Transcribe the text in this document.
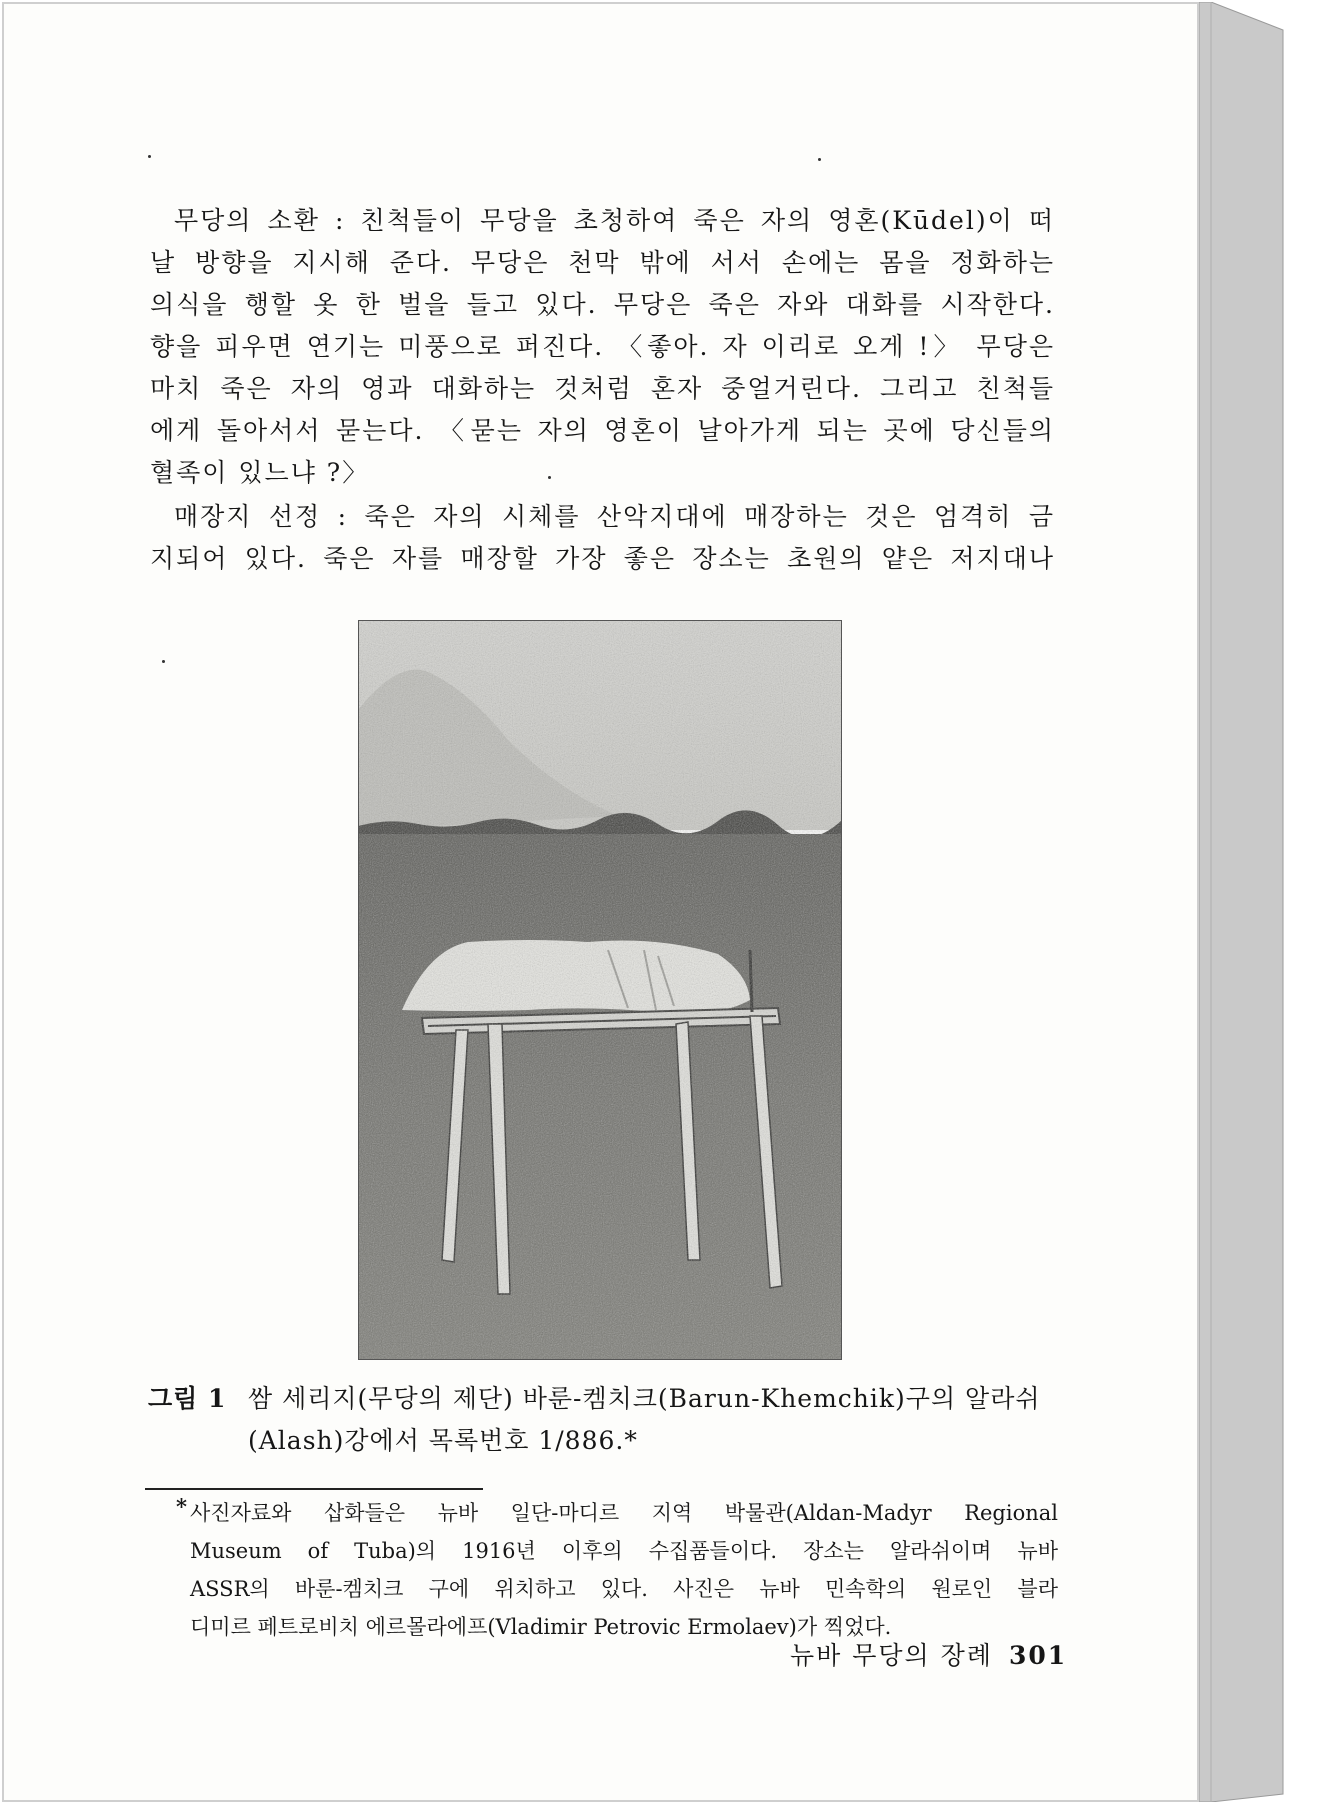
무당의 소환 : 친척들이 무당을 초청하여 죽은 자의 영혼(Kūdel)이 떠
날 방향을 지시해 준다. 무당은 천막 밖에 서서 손에는 몸을 정화하는
의식을 행할 옷 한 벌을 들고 있다. 무당은 죽은 자와 대화를 시작한다.
향을 피우면 연기는 미풍으로 퍼진다. 〈좋아. 자 이리로 오게 !〉 무당은
마치 죽은 자의 영과 대화하는 것처럼 혼자 중얼거린다. 그리고 친척들
에게 돌아서서 묻는다. 〈묻는 자의 영혼이 날아가게 되는 곳에 당신들의
혈족이 있느냐 ?〉
매장지 선정 : 죽은 자의 시체를 산악지대에 매장하는 것은 엄격히 금
지되어 있다. 죽은 자를 매장할 가장 좋은 장소는 초원의 얕은 저지대나
그림 1 쌈 세리지(무당의 제단) 바룬-켐치크(Barun-Khemchik)구의 알라쉬
(Alash)강에서 목록번호 1/886.*
* 사진자료와 삽화들은 뉴바 일단-마디르 지역 박물관(Aldan-Madyr Regional
Museum of Tuba)의 1916년 이후의 수집품들이다. 장소는 알라쉬이며 뉴바
ASSR의 바룬-켐치크 구에 위치하고 있다. 사진은 뉴바 민속학의 원로인 블라
디미르 페트로비치 에르몰라에프(Vladimir Petrovic Ermolaev)가 찍었다.
뉴바 무당의 장례 301
